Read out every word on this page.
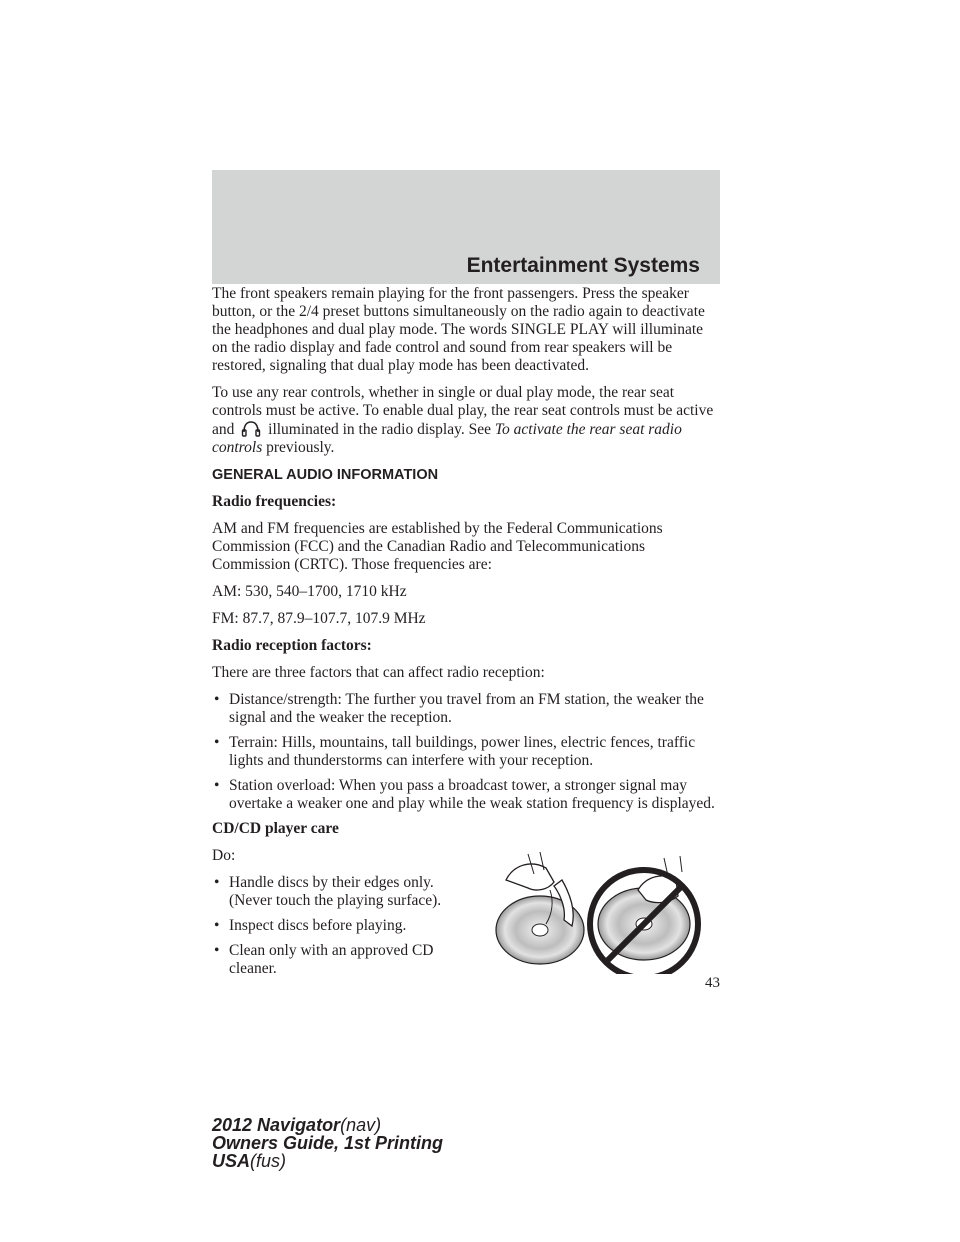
Entertainment Systems

The front speakers remain playing for the front passengers. Press the speaker button, or the 2/4 preset buttons simultaneously on the radio again to deactivate the headphones and dual play mode. The words SINGLE PLAY will illuminate on the radio display and fade control and sound from rear speakers will be restored, signaling that dual play mode has been deactivated.

To use any rear controls, whether in single or dual play mode, the rear seat controls must be active. To enable dual play, the rear seat controls must be active and illuminated in the radio display. See To activate the rear seat radio controls previously.

GENERAL AUDIO INFORMATION
Radio frequencies:

AM and FM frequencies are established by the Federal Communications Commission (FCC) and the Canadian Radio and Telecommunications Commission (CRTC). Those frequencies are:

AM: 530, 540–1700, 1710 kHz

FM: 87.7, 87.9–107.7, 107.9 MHz

Radio reception factors:

There are three factors that can affect radio reception:

• Distance/strength: The further you travel from an FM station, the weaker the signal and the weaker the reception.
• Terrain: Hills, mountains, tall buildings, power lines, electric fences, traffic lights and thunderstorms can interfere with your reception.
• Station overload: When you pass a broadcast tower, a stronger signal may overtake a weaker one and play while the weak station frequency is displayed.
CD/CD player care

Do:

• Handle discs by their edges only. (Never touch the playing surface).
• Inspect discs before playing.
• Clean only with an approved CD cleaner.
43
2012 Navigator(nav)
Owners Guide, 1st Printing
USA(fus)
